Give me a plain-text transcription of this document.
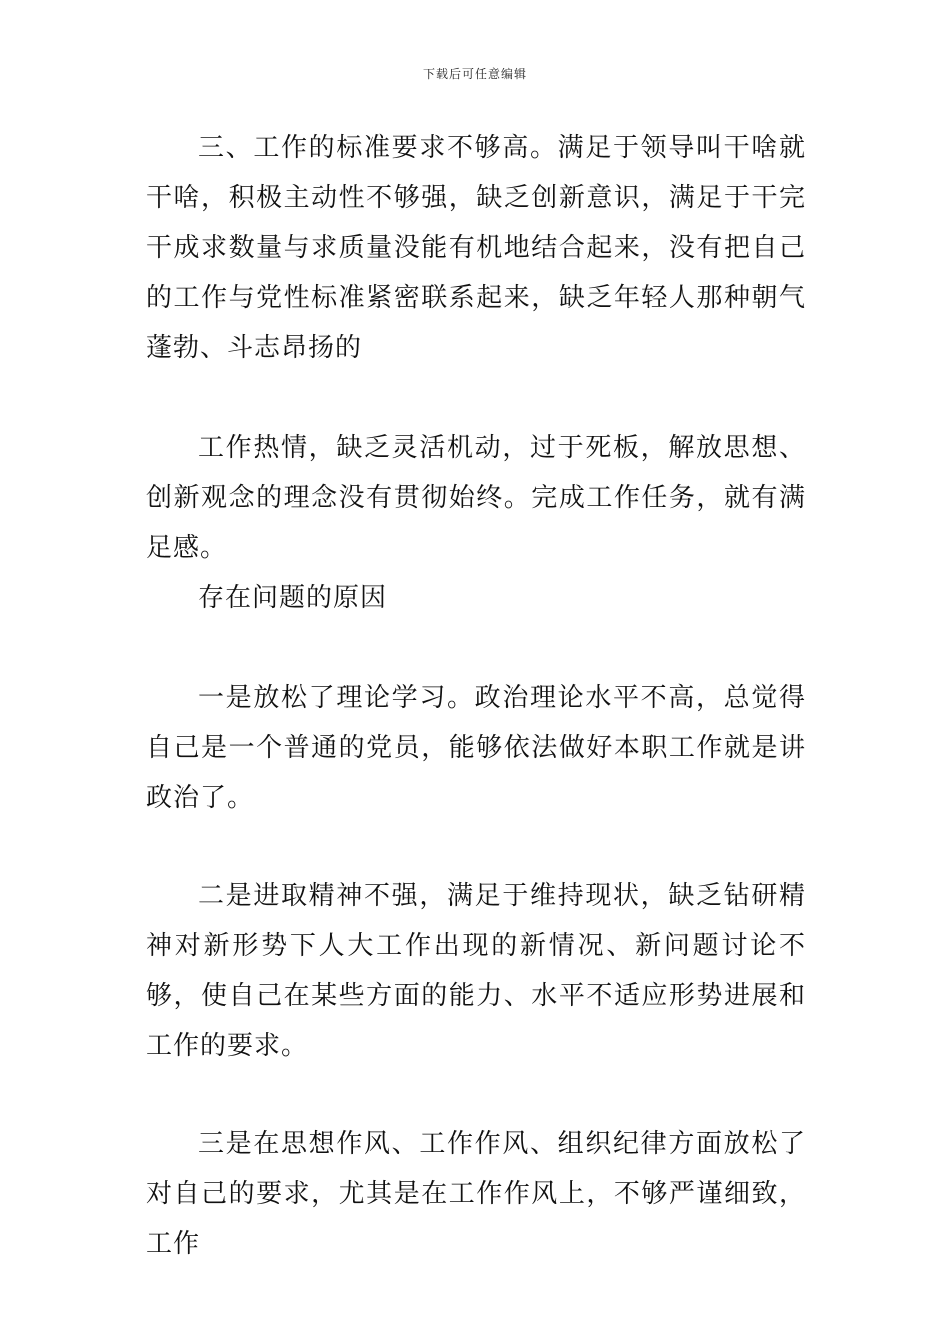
下载后可任意编辑

三、工作的标准要求不够高。满足于领导叫干啥就干啥，积极主动性不够强，缺乏创新意识，满足于干完干成求数量与求质量没能有机地结合起来，没有把自己的工作与党性标准紧密联系起来，缺乏年轻人那种朝气蓬勃、斗志昂扬的

工作热情，缺乏灵活机动，过于死板，解放思想、创新观念的理念没有贯彻始终。完成工作任务，就有满足感。

存在问题的原因

一是放松了理论学习。政治理论水平不高，总觉得自己是一个普通的党员，能够依法做好本职工作就是讲政治了。

二是进取精神不强，满足于维持现状，缺乏钻研精神对新形势下人大工作出现的新情况、新问题讨论不够，使自己在某些方面的能力、水平不适应形势进展和工作的要求。

三是在思想作风、工作作风、组织纪律方面放松了对自己的要求，尤其是在工作作风上，不够严谨细致，工作
